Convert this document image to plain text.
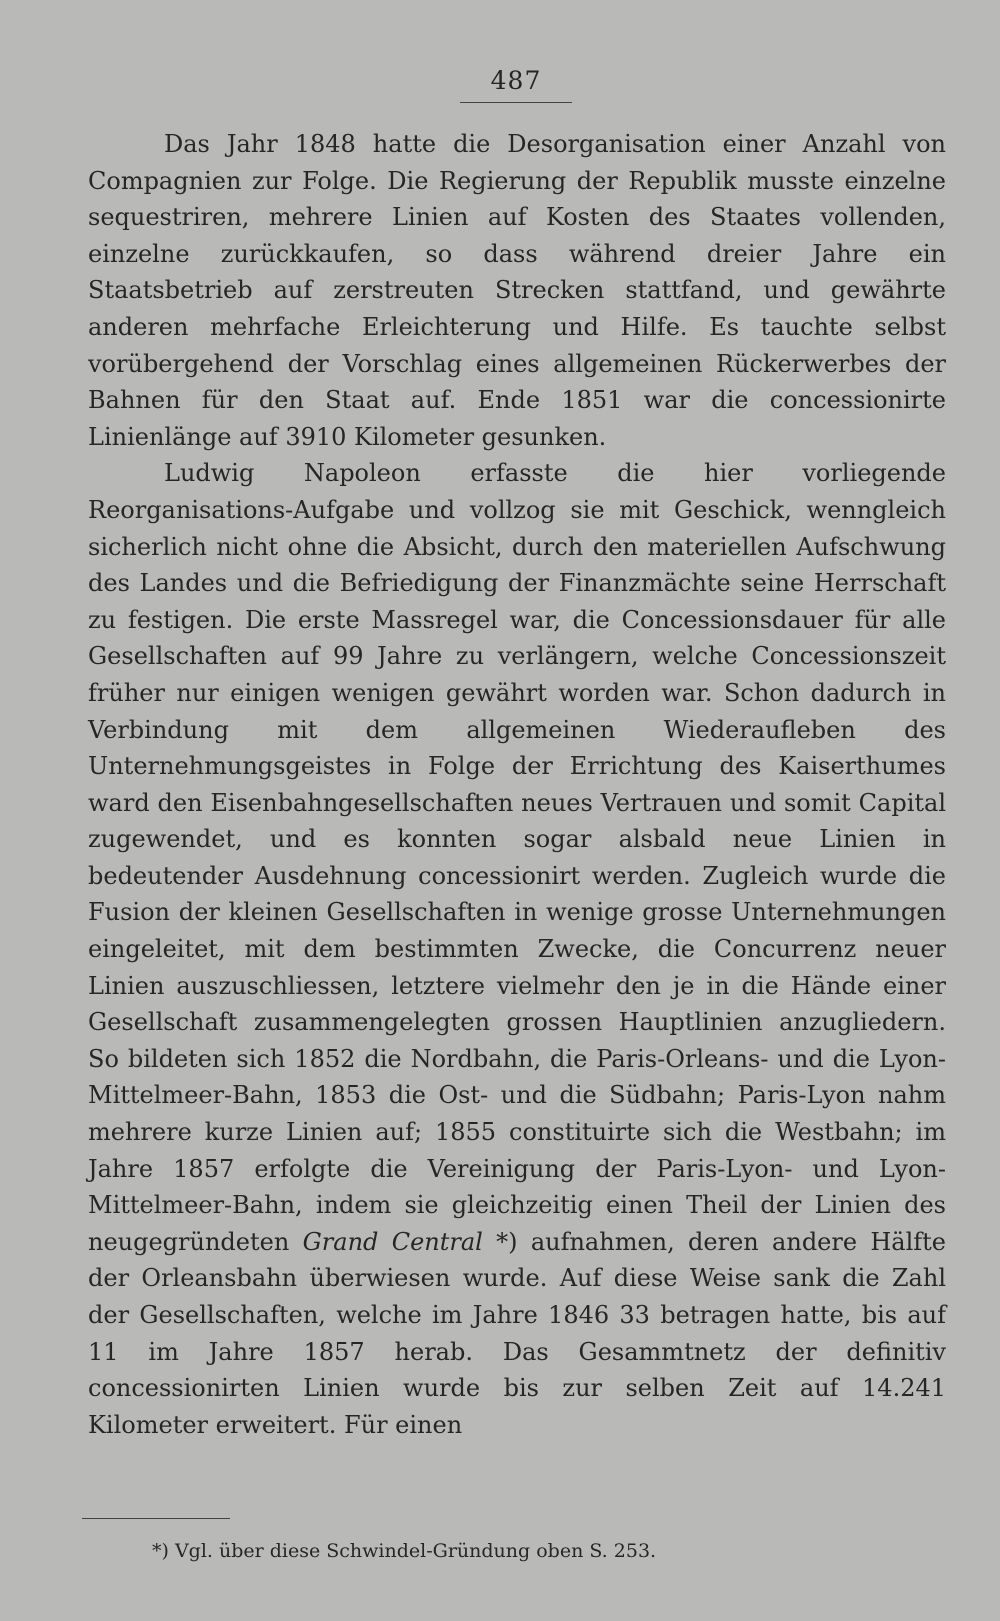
487

Das Jahr 1848 hatte die Desorganisation einer Anzahl von Compagnien zur Folge. Die Regierung der Republik musste einzelne sequestriren, mehrere Linien auf Kosten des Staates vollenden, einzelne zurückkaufen, so dass während dreier Jahre ein Staatsbetrieb auf zerstreuten Strecken stattfand, und gewährte anderen mehrfache Erleichterung und Hilfe. Es tauchte selbst vorübergehend der Vorschlag eines allgemeinen Rückerwerbes der Bahnen für den Staat auf. Ende 1851 war die concessionirte Linienlänge auf 3910 Kilometer gesunken.

Ludwig Napoleon erfasste die hier vorliegende Reorganisations-Aufgabe und vollzog sie mit Geschick, wenngleich sicherlich nicht ohne die Absicht, durch den materiellen Aufschwung des Landes und die Befriedigung der Finanzmächte seine Herrschaft zu festigen. Die erste Massregel war, die Concessionsdauer für alle Gesellschaften auf 99 Jahre zu verlängern, welche Concessionszeit früher nur einigen wenigen gewährt worden war. Schon dadurch in Verbindung mit dem allgemeinen Wiederaufleben des Unternehmungsgeistes in Folge der Errichtung des Kaiserthumes ward den Eisenbahngesellschaften neues Vertrauen und somit Capital zugewendet, und es konnten sogar alsbald neue Linien in bedeutender Ausdehnung concessionirt werden. Zugleich wurde die Fusion der kleinen Gesellschaften in wenige grosse Unternehmungen eingeleitet, mit dem bestimmten Zwecke, die Concurrenz neuer Linien auszuschliessen, letztere vielmehr den je in die Hände einer Gesellschaft zusammengelegten grossen Hauptlinien anzugliedern. So bildeten sich 1852 die Nordbahn, die Paris-Orleans- und die Lyon-Mittelmeer-Bahn, 1853 die Ost- und die Südbahn; Paris-Lyon nahm mehrere kurze Linien auf; 1855 constituirte sich die Westbahn; im Jahre 1857 erfolgte die Vereinigung der Paris-Lyon- und Lyon-Mittelmeer-Bahn, indem sie gleichzeitig einen Theil der Linien des neugegründeten Grand Central *) aufnahmen, deren andere Hälfte der Orleansbahn überwiesen wurde. Auf diese Weise sank die Zahl der Gesellschaften, welche im Jahre 1846 33 betragen hatte, bis auf 11 im Jahre 1857 herab. Das Gesammtnetz der definitiv concessionirten Linien wurde bis zur selben Zeit auf 14.241 Kilometer erweitert. Für einen

*) Vgl. über diese Schwindel-Gründung oben S. 253.
